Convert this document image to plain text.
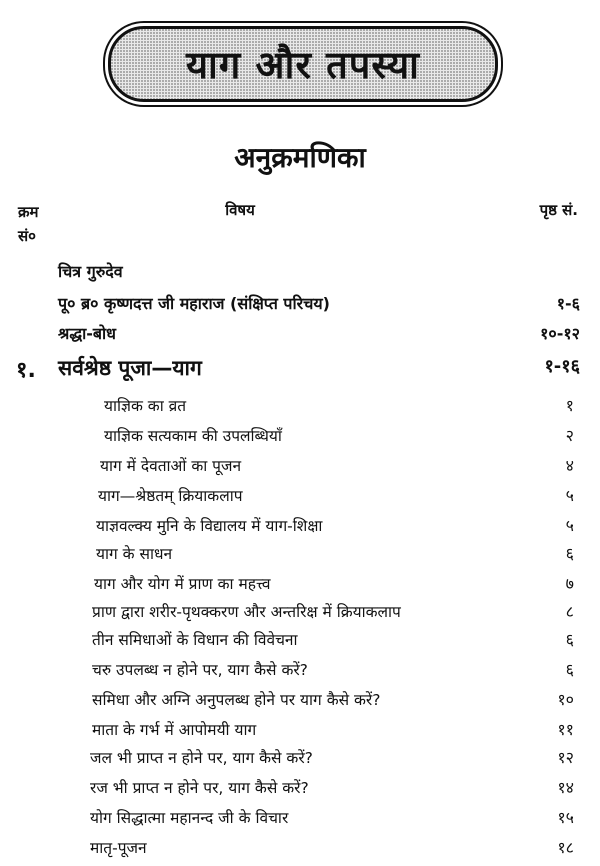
याग और तपस्या
अनुक्रमणिका
क्रम सं०
विषय	पृष्ठ सं.
चित्र गुरुदेव
पू० ब्र० कृष्णदत्त जी महाराज (संक्षिप्त परिचय)	१-६
श्रद्धा-बोध	१०-१२
१. सर्वश्रेष्ठ पूजा—याग	१-१६
याज्ञिक का व्रत	१
याज्ञिक सत्यकाम की उपलब्धियाँ	२
याग में देवताओं का पूजन	४
याग—श्रेष्ठतम् क्रियाकलाप	५
याज्ञवल्क्य मुनि के विद्यालय में याग-शिक्षा	५
याग के साधन	६
याग और योग में प्राण का महत्त्व	७
प्राण द्वारा शरीर-पृथक्करण और अन्तरिक्ष में क्रियाकलाप	८
तीन समिधाओं के विधान की विवेचना	६
चरु उपलब्ध न होने पर, याग कैसे करें?	६
समिधा और अग्नि अनुपलब्ध होने पर याग कैसे करें?	१०
माता के गर्भ में आपोमयी याग	११
जल भी प्राप्त न होने पर, याग कैसे करें?	१२
रज भी प्राप्त न होने पर, याग कैसे करें?	१४
योग सिद्धात्मा महानन्द जी के विचार	१५
मातृ-पूजन	१८
